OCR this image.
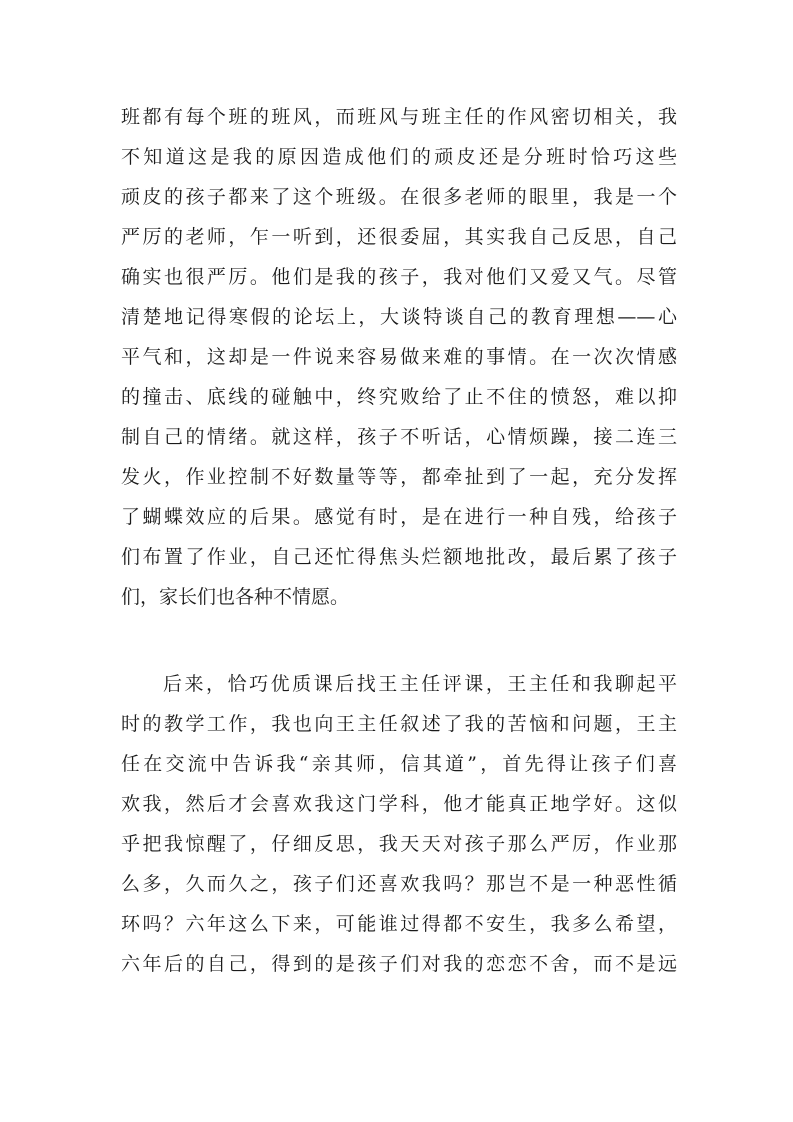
班都有每个班的班风，而班风与班主任的作风密切相关，我
不知道这是我的原因造成他们的顽皮还是分班时恰巧这些
顽皮的孩子都来了这个班级。在很多老师的眼里，我是一个
严厉的老师，乍一听到，还很委屈，其实我自己反思，自己
确实也很严厉。他们是我的孩子，我对他们又爱又气。尽管
清楚地记得寒假的论坛上，大谈特谈自己的教育理想——心
平气和，这却是一件说来容易做来难的事情。在一次次情感
的撞击、底线的碰触中，终究败给了止不住的愤怒，难以抑
制自己的情绪。就这样，孩子不听话，心情烦躁，接二连三
发火，作业控制不好数量等等，都牵扯到了一起，充分发挥
了蝴蝶效应的后果。感觉有时，是在进行一种自残，给孩子
们布置了作业，自己还忙得焦头烂额地批改，最后累了孩子
们，家长们也各种不情愿。
后来，恰巧优质课后找王主任评课，王主任和我聊起平
时的教学工作，我也向王主任叙述了我的苦恼和问题，王主
任在交流中告诉我“亲其师，信其道”，首先得让孩子们喜
欢我，然后才会喜欢我这门学科，他才能真正地学好。这似
乎把我惊醒了，仔细反思，我天天对孩子那么严厉，作业那
么多，久而久之，孩子们还喜欢我吗？那岂不是一种恶性循
环吗？六年这么下来，可能谁过得都不安生，我多么希望，
六年后的自己，得到的是孩子们对我的恋恋不舍，而不是远
